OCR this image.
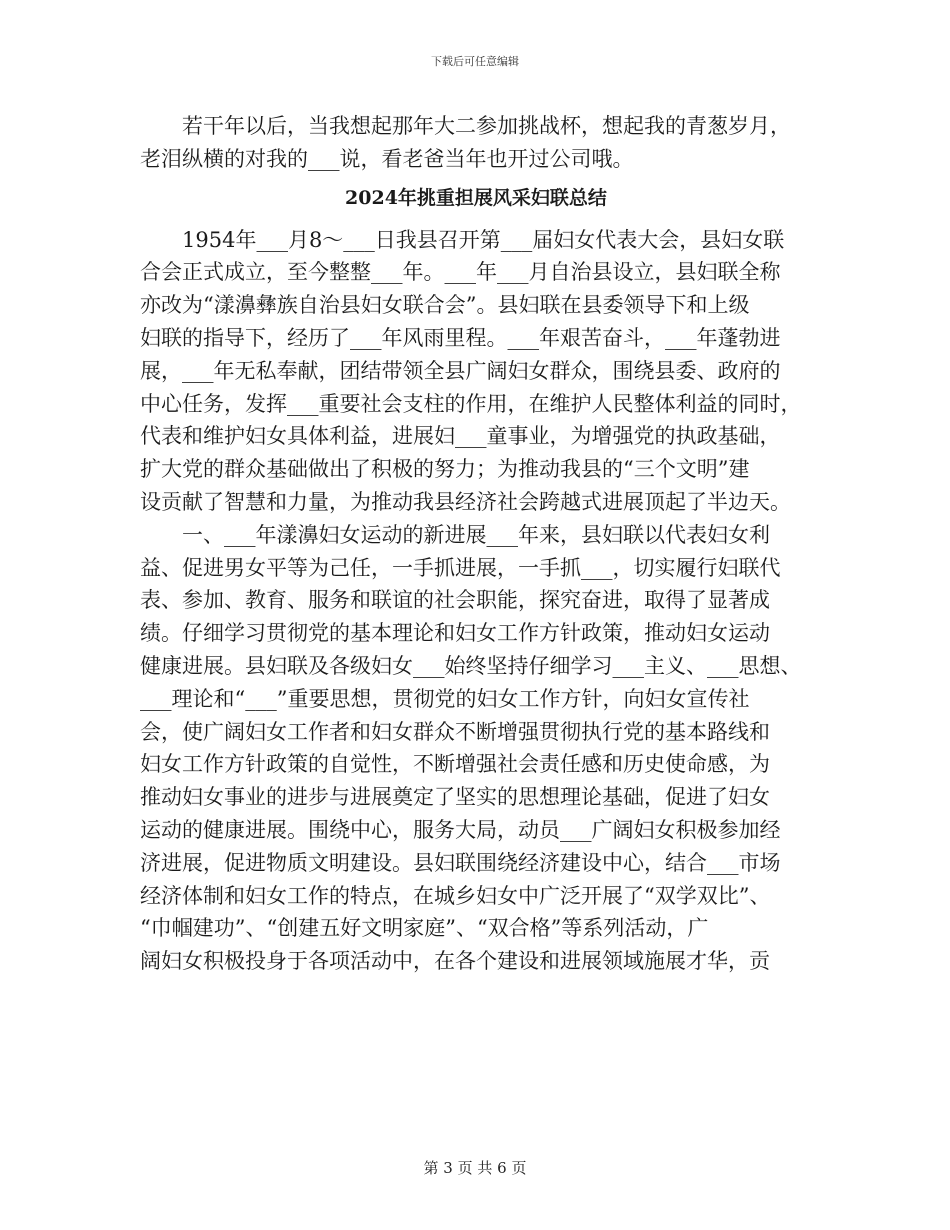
下载后可任意编辑

若干年以后，当我想起那年大二参加挑战杯，想起我的青葱岁月，
老泪纵横的对我的___说，看老爸当年也开过公司哦。

2024年挑重担展风采妇联总结

1954年___月8～___日我县召开第___届妇女代表大会，县妇女联
合会正式成立，至今整整___年。___年___月自治县设立，县妇联全称
亦改为“漾濞彝族自治县妇女联合会”。县妇联在县委领导下和上级
妇联的指导下，经历了___年风雨里程。___年艰苦奋斗，___年蓬勃进
展，___年无私奉献，团结带领全县广阔妇女群众，围绕县委、政府的
中心任务，发挥___重要社会支柱的作用，在维护人民整体利益的同时，
代表和维护妇女具体利益，进展妇___童事业，为增强党的执政基础，
扩大党的群众基础做出了积极的努力；为推动我县的“三个文明”建
设贡献了智慧和力量，为推动我县经济社会跨越式进展顶起了半边天。

一、___年漾濞妇女运动的新进展___年来，县妇联以代表妇女利
益、促进男女平等为己任，一手抓进展，一手抓___，切实履行妇联代
表、参加、教育、服务和联谊的社会职能，探究奋进，取得了显著成
绩。仔细学习贯彻党的基本理论和妇女工作方针政策，推动妇女运动
健康进展。县妇联及各级妇女___始终坚持仔细学习___主义、___思想、
___理论和“___”重要思想，贯彻党的妇女工作方针，向妇女宣传社
会，使广阔妇女工作者和妇女群众不断增强贯彻执行党的基本路线和
妇女工作方针政策的自觉性，不断增强社会责任感和历史使命感，为
推动妇女事业的进步与进展奠定了坚实的思想理论基础，促进了妇女
运动的健康进展。围绕中心，服务大局，动员___广阔妇女积极参加经
济进展，促进物质文明建设。县妇联围绕经济建设中心，结合___市场
经济体制和妇女工作的特点，在城乡妇女中广泛开展了“双学双比”、
“巾帼建功”、“创建五好文明家庭”、“双合格”等系列活动，广
阔妇女积极投身于各项活动中，在各个建设和进展领域施展才华，贡

第 3 页 共 6 页
